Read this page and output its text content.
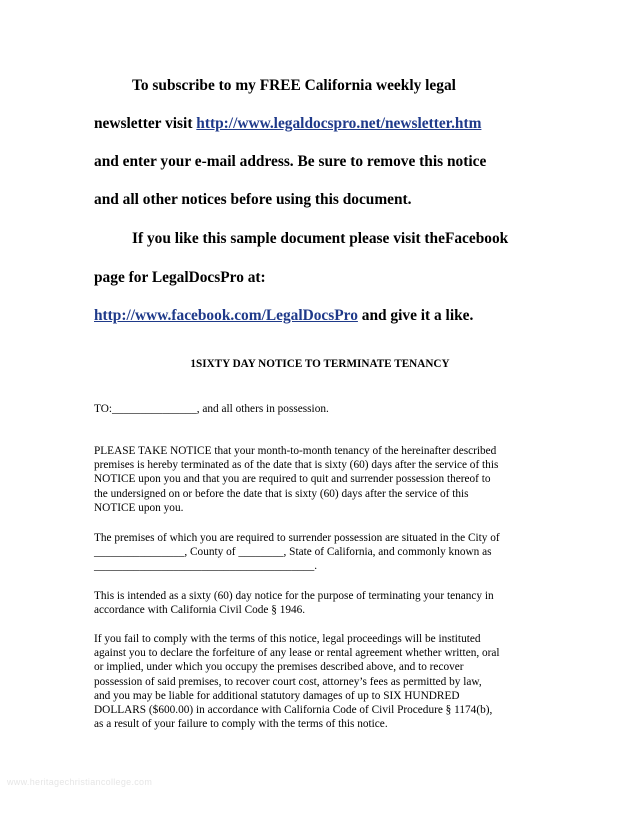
To subscribe to my FREE California weekly legal
newsletter visit http://www.legaldocspro.net/newsletter.htm
and enter your e-mail address. Be sure to remove this notice
and all other notices before using this document.
If you like this sample document please visit theFacebook
page for LegalDocsPro at:
http://www.facebook.com/LegalDocsPro and give it a like.
1SIXTY DAY NOTICE TO TERMINATE TENANCY

TO:_______________, and all others in possession.

PLEASE TAKE NOTICE that your month-to-month tenancy of the hereinafter described

premises is hereby terminated as of the date that is sixty (60) days after the service of this

NOTICE upon you and that you are required to quit and surrender possession thereof to

the undersigned on or before the date that is sixty (60) days after the service of this

NOTICE upon you.

The premises of which you are required to surrender possession are situated in the City of

________________, County of ________, State of California, and commonly known as

_______________________________________.

This is intended as a sixty (60) day notice for the purpose of terminating your tenancy in

accordance with California Civil Code § 1946.

If you fail to comply with the terms of this notice, legal proceedings will be instituted

against you to declare the forfeiture of any lease or rental agreement whether written, oral

or implied, under which you occupy the premises described above, and to recover

possession of said premises, to recover court cost, attorney’s fees as permitted by law,

and you may be liable for additional statutory damages of up to SIX HUNDRED

DOLLARS ($600.00) in accordance with California Code of Civil Procedure § 1174(b),

as a result of your failure to comply with the terms of this notice.

www.heritagechristiancollege.com
